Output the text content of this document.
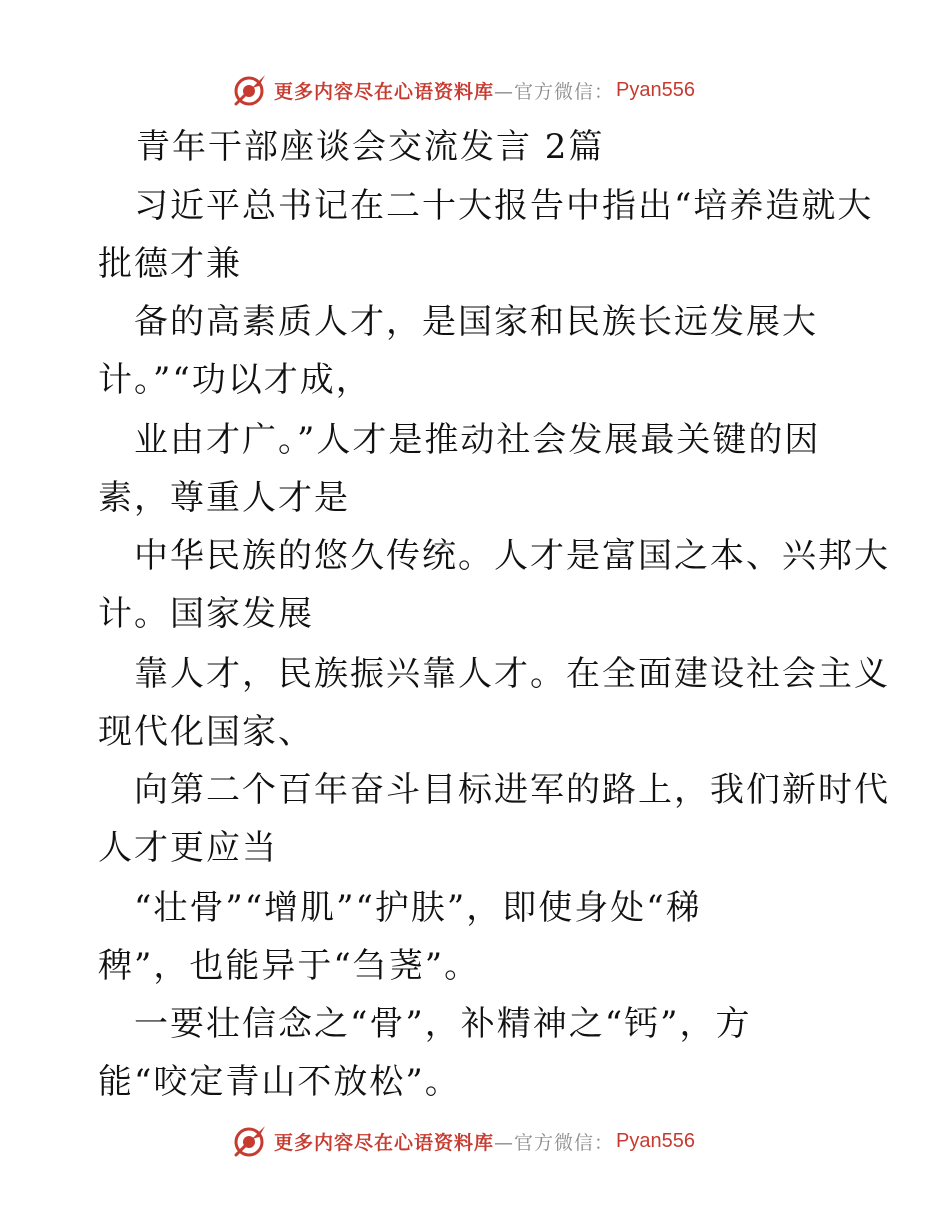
更多内容尽在心语资料库 —官方微信： Pyan556
青年干部座谈会交流发言 2篇
　习近平总书记在二十大报告中指出“培养造就大
批德才兼
　备的高素质人才，是国家和民族长远发展大
计。”“功以才成，
　业由才广。”人才是推动社会发展最关键的因
素，尊重人才是
　中华民族的悠久传统。人才是富国之本、兴邦大
计。国家发展
　靠人才，民族振兴靠人才。在全面建设社会主义
现代化国家、
　向第二个百年奋斗目标进军的路上，我们新时代
人才更应当
　“壮骨”“增肌”“护肤”，即使身处“稊
稗”，也能异于“刍荛”。
　一要壮信念之“骨”，补精神之“钙”，方
能“咬定青山不放松”。
更多内容尽在心语资料库 —官方微信： Pyan556
